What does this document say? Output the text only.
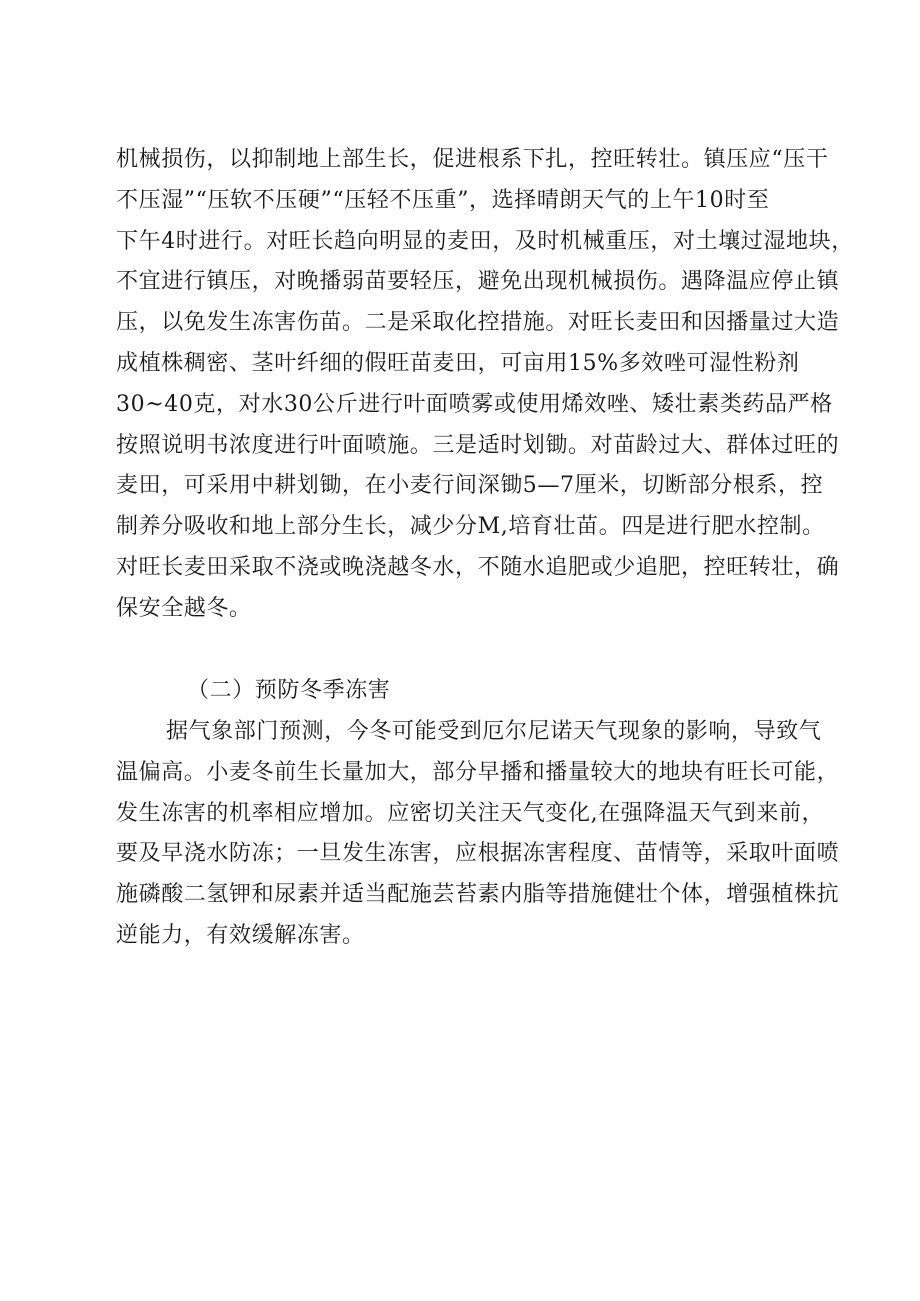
机械损伤，以抑制地上部生长，促进根系下扎，控旺转壮。镇压应“压干
不压湿”“压软不压硬”“压轻不压重”，选择晴朗天气的上午10时至
下午4时进行。对旺长趋向明显的麦田，及时机械重压，对土壤过湿地块，
不宜进行镇压，对晚播弱苗要轻压，避免出现机械损伤。遇降温应停止镇
压，以免发生冻害伤苗。二是采取化控措施。对旺长麦田和因播量过大造
成植株稠密、茎叶纤细的假旺苗麦田，可亩用15%多效唑可湿性粉剂
30~40克，对水30公斤进行叶面喷雾或使用烯效唑、矮壮素类药品严格
按照说明书浓度进行叶面喷施。三是适时划锄。对苗龄过大、群体过旺的
麦田，可采用中耕划锄，在小麦行间深锄5—7厘米，切断部分根系，控
制养分吸收和地上部分生长，减少分M,培育壮苗。四是进行肥水控制。
对旺长麦田采取不浇或晚浇越冬水，不随水追肥或少追肥，控旺转壮，确
保安全越冬。
（二）预防冬季冻害
据气象部门预测，今冬可能受到厄尔尼诺天气现象的影响，导致气
温偏高。小麦冬前生长量加大，部分早播和播量较大的地块有旺长可能，
发生冻害的机率相应增加。应密切关注天气变化,在强降温天气到来前，
要及早浇水防冻；一旦发生冻害，应根据冻害程度、苗情等，采取叶面喷
施磷酸二氢钾和尿素并适当配施芸苔素内脂等措施健壮个体，增强植株抗
逆能力，有效缓解冻害。
